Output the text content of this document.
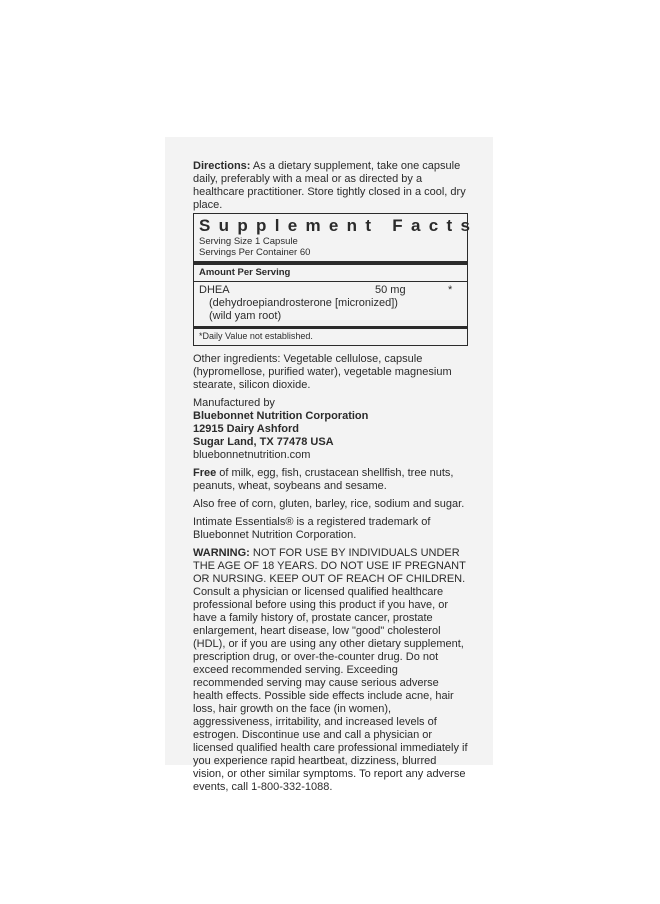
Directions: As a dietary supplement, take one capsule daily, preferably with a meal or as directed by a healthcare practitioner. Store tightly closed in a cool, dry place.

Supplement Facts
Serving Size 1 Capsule
Servings Per Container 60
Amount Per Serving
DHEA	50 mg	*
(dehydroepiandrosterone [micronized])
(wild yam root)
*Daily Value not established.

Other ingredients: Vegetable cellulose, capsule (hypromellose, purified water), vegetable magnesium stearate, silicon dioxide.

Manufactured by
Bluebonnet Nutrition Corporation
12915 Dairy Ashford
Sugar Land, TX 77478 USA
bluebonnetnutrition.com

Free of milk, egg, fish, crustacean shellfish, tree nuts, peanuts, wheat, soybeans and sesame.

Also free of corn, gluten, barley, rice, sodium and sugar.

Intimate Essentials® is a registered trademark of Bluebonnet Nutrition Corporation.

WARNING: NOT FOR USE BY INDIVIDUALS UNDER THE AGE OF 18 YEARS. DO NOT USE IF PREGNANT OR NURSING. KEEP OUT OF REACH OF CHILDREN.

Consult a physician or licensed qualified healthcare professional before using this product if you have, or have a family history of, prostate cancer, prostate enlargement, heart disease, low "good" cholesterol (HDL), or if you are using any other dietary supplement, prescription drug, or over-the-counter drug. Do not exceed recommended serving. Exceeding recommended serving may cause serious adverse health effects. Possible side effects include acne, hair loss, hair growth on the face (in women), aggressiveness, irritability, and increased levels of estrogen. Discontinue use and call a physician or licensed qualified health care professional immediately if you experience rapid heartbeat, dizziness, blurred vision, or other similar symptoms. To report any adverse events, call 1-800-332-1088.
